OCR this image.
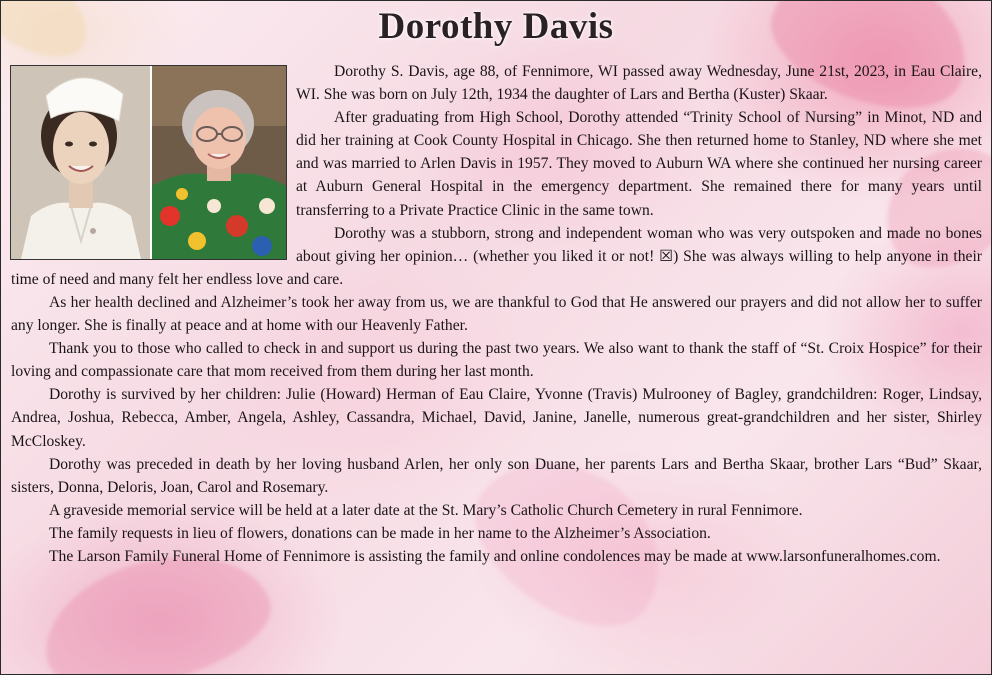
Dorothy Davis

Dorothy S. Davis, age 88, of Fennimore, WI passed away Wednesday, June 21st, 2023, in Eau Claire, WI. She was born on July 12th, 1934 the daughter of Lars and Bertha (Kuster) Skaar.

After graduating from High School, Dorothy attended “Trinity School of Nursing” in Minot, ND and did her training at Cook County Hospital in Chicago. She then returned home to Stanley, ND where she met and was married to Arlen Davis in 1957. They moved to Auburn WA where she continued her nursing career at Auburn General Hospital in the emergency department. She remained there for many years until transferring to a Private Practice Clinic in the same town.

Dorothy was a stubborn, strong and independent woman who was very outspoken and made no bones about giving her opinion… (whether you liked it or not! ☒) She was always willing to help anyone in their time of need and many felt her endless love and care.

As her health declined and Alzheimer’s took her away from us, we are thankful to God that He answered our prayers and did not allow her to suffer any longer. She is finally at peace and at home with our Heavenly Father.

Thank you to those who called to check in and support us during the past two years. We also want to thank the staff of “St. Croix Hospice” for their loving and compassionate care that mom received from them during her last month.

Dorothy is survived by her children: Julie (Howard) Herman of Eau Claire, Yvonne (Travis) Mulrooney of Bagley, grandchildren: Roger, Lindsay, Andrea, Joshua, Rebecca, Amber, Angela, Ashley, Cassandra, Michael, David, Janine, Janelle, numerous great-grandchildren and her sister, Shirley McCloskey.

Dorothy was preceded in death by her loving husband Arlen, her only son Duane, her parents Lars and Bertha Skaar, brother Lars “Bud” Skaar, sisters, Donna, Deloris, Joan, Carol and Rosemary.

A graveside memorial service will be held at a later date at the St. Mary’s Catholic Church Cemetery in rural Fennimore.

The family requests in lieu of flowers, donations can be made in her name to the Alzheimer’s Association.

The Larson Family Funeral Home of Fennimore is assisting the family and online condolences may be made at www.larsonfuneralhomes.com.
